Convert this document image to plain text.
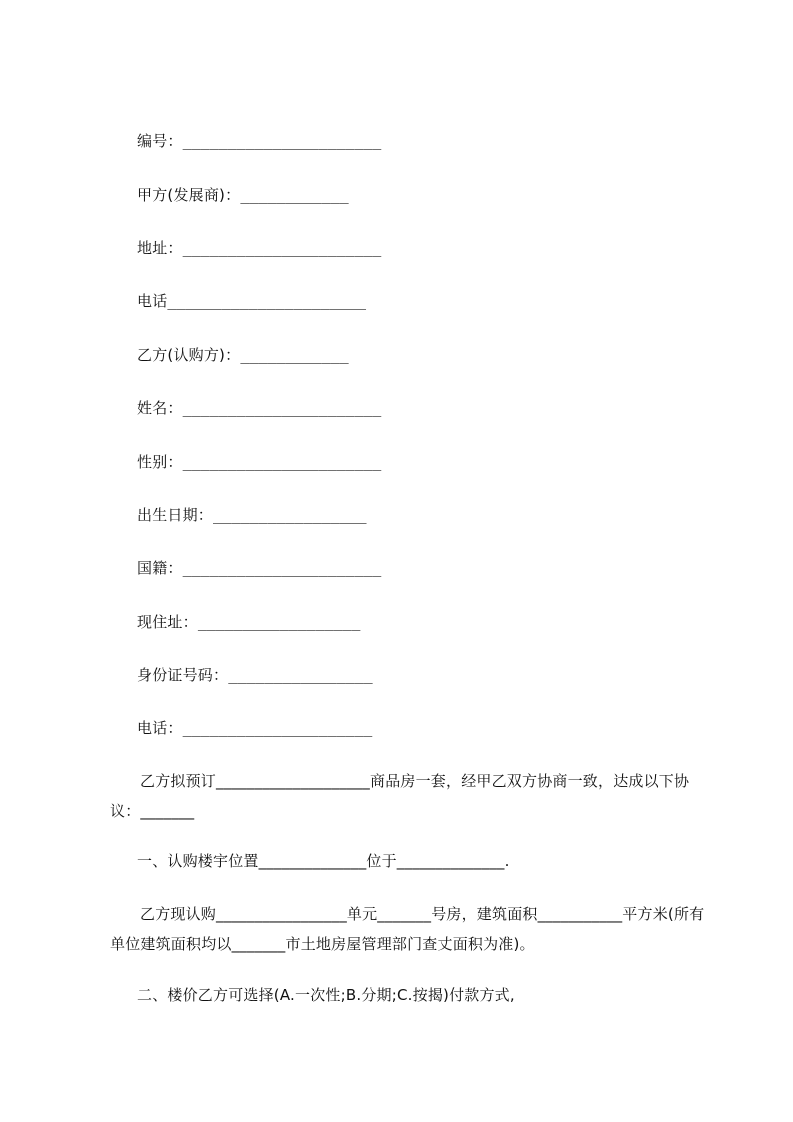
编号：______________________
甲方(发展商)：____________
地址：______________________
电话______________________
乙方(认购方)：____________
姓名：______________________
性别：______________________
出生日期：_________________
国籍：______________________
现住址：__________________
身份证号码：________________
电话：_____________________
乙方拟预订____________________商品房一套，经甲乙双方协商一致，达成以下协议：_______
一、认购楼宇位置______________位于______________.
乙方现认购_________________单元_______号房，建筑面积___________平方米(所有单位建筑面积均以_______市土地房屋管理部门查丈面积为准)。
二、楼价乙方可选择(A.一次性;B.分期;C.按揭)付款方式,
